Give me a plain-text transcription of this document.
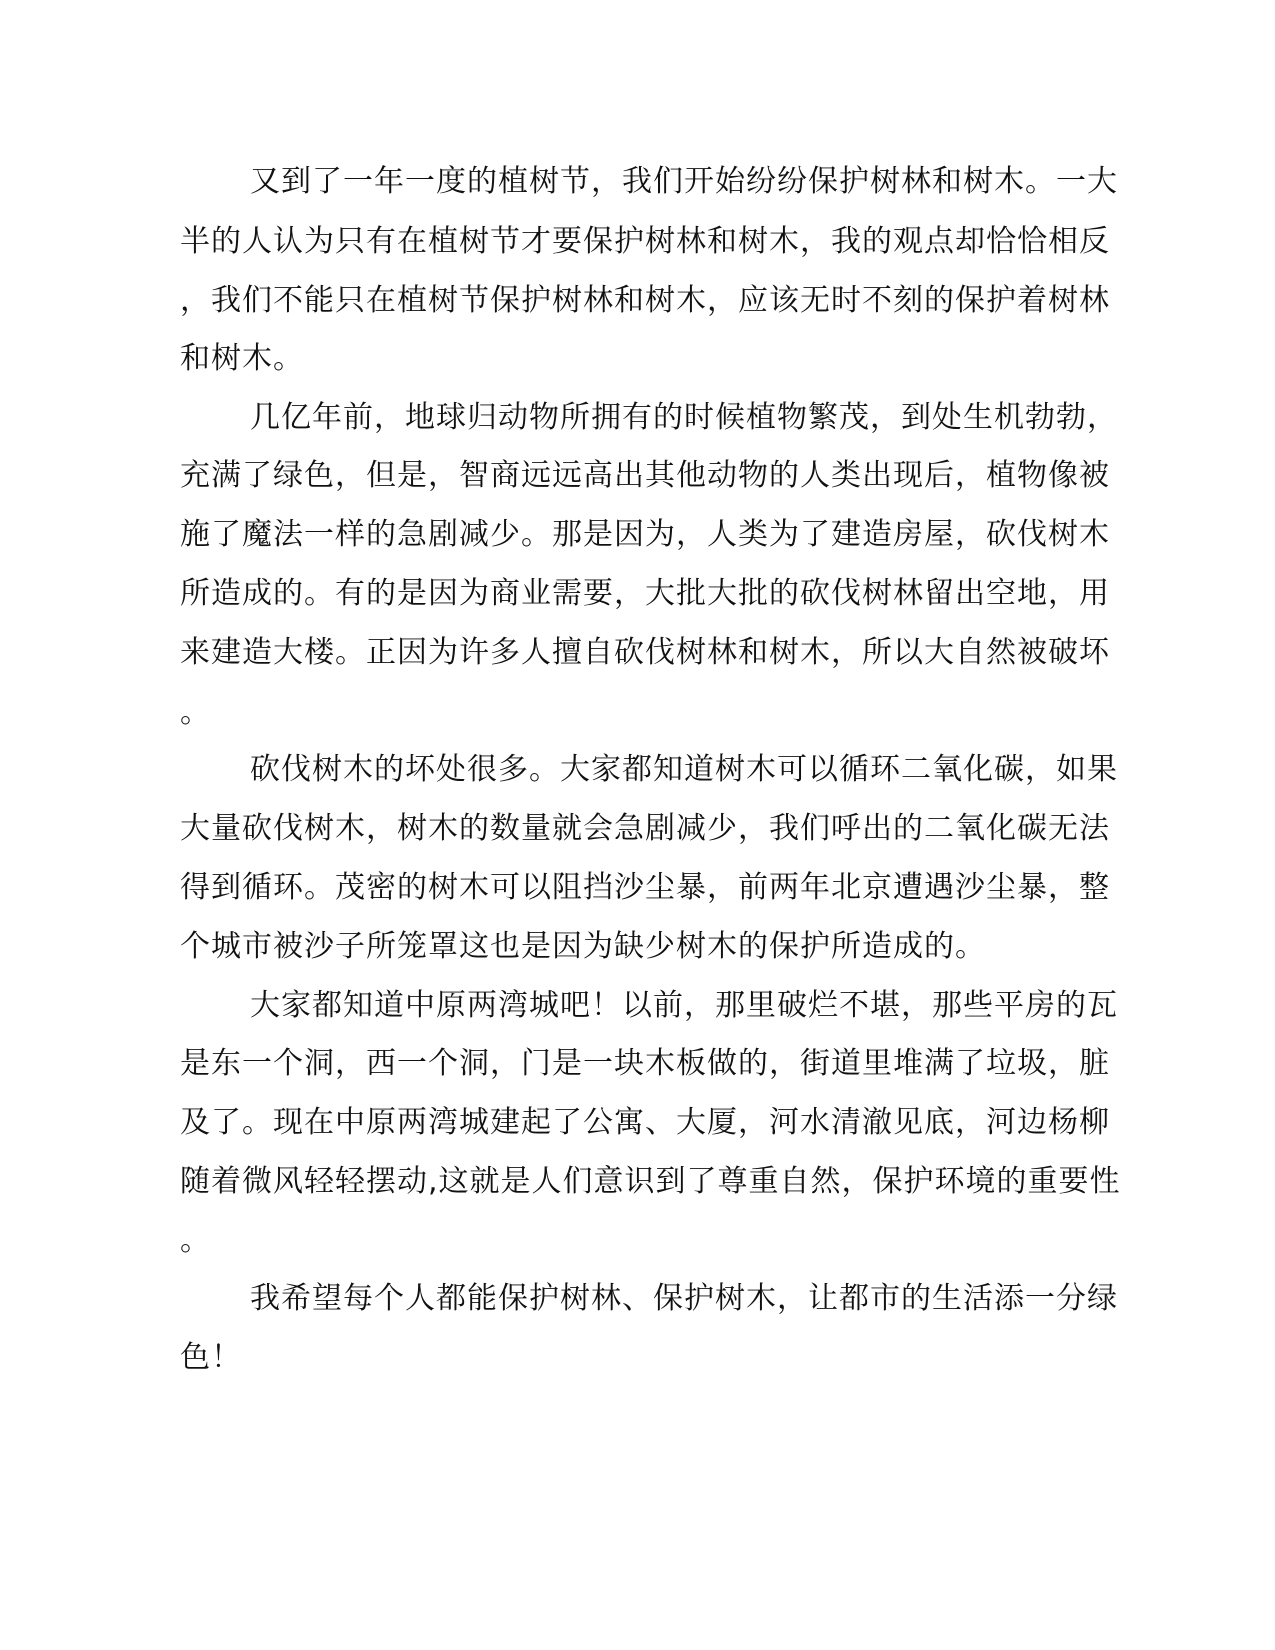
又到了一年一度的植树节，我们开始纷纷保护树林和树木。一大
半的人认为只有在植树节才要保护树林和树木，我的观点却恰恰相反
，我们不能只在植树节保护树林和树木，应该无时不刻的保护着树林
和树木。
几亿年前，地球归动物所拥有的时候植物繁茂，到处生机勃勃，
充满了绿色，但是，智商远远高出其他动物的人类出现后，植物像被
施了魔法一样的急剧减少。那是因为，人类为了建造房屋，砍伐树木
所造成的。有的是因为商业需要，大批大批的砍伐树林留出空地，用
来建造大楼。正因为许多人擅自砍伐树林和树木，所以大自然被破坏
。
砍伐树木的坏处很多。大家都知道树木可以循环二氧化碳，如果
大量砍伐树木，树木的数量就会急剧减少，我们呼出的二氧化碳无法
得到循环。茂密的树木可以阻挡沙尘暴，前两年北京遭遇沙尘暴，整
个城市被沙子所笼罩这也是因为缺少树木的保护所造成的。
大家都知道中原两湾城吧！以前，那里破烂不堪，那些平房的瓦
是东一个洞，西一个洞，门是一块木板做的，街道里堆满了垃圾，脏
及了。现在中原两湾城建起了公寓、大厦，河水清澈见底，河边杨柳
随着微风轻轻摆动,这就是人们意识到了尊重自然，保护环境的重要性
。
我希望每个人都能保护树林、保护树木，让都市的生活添一分绿
色！
